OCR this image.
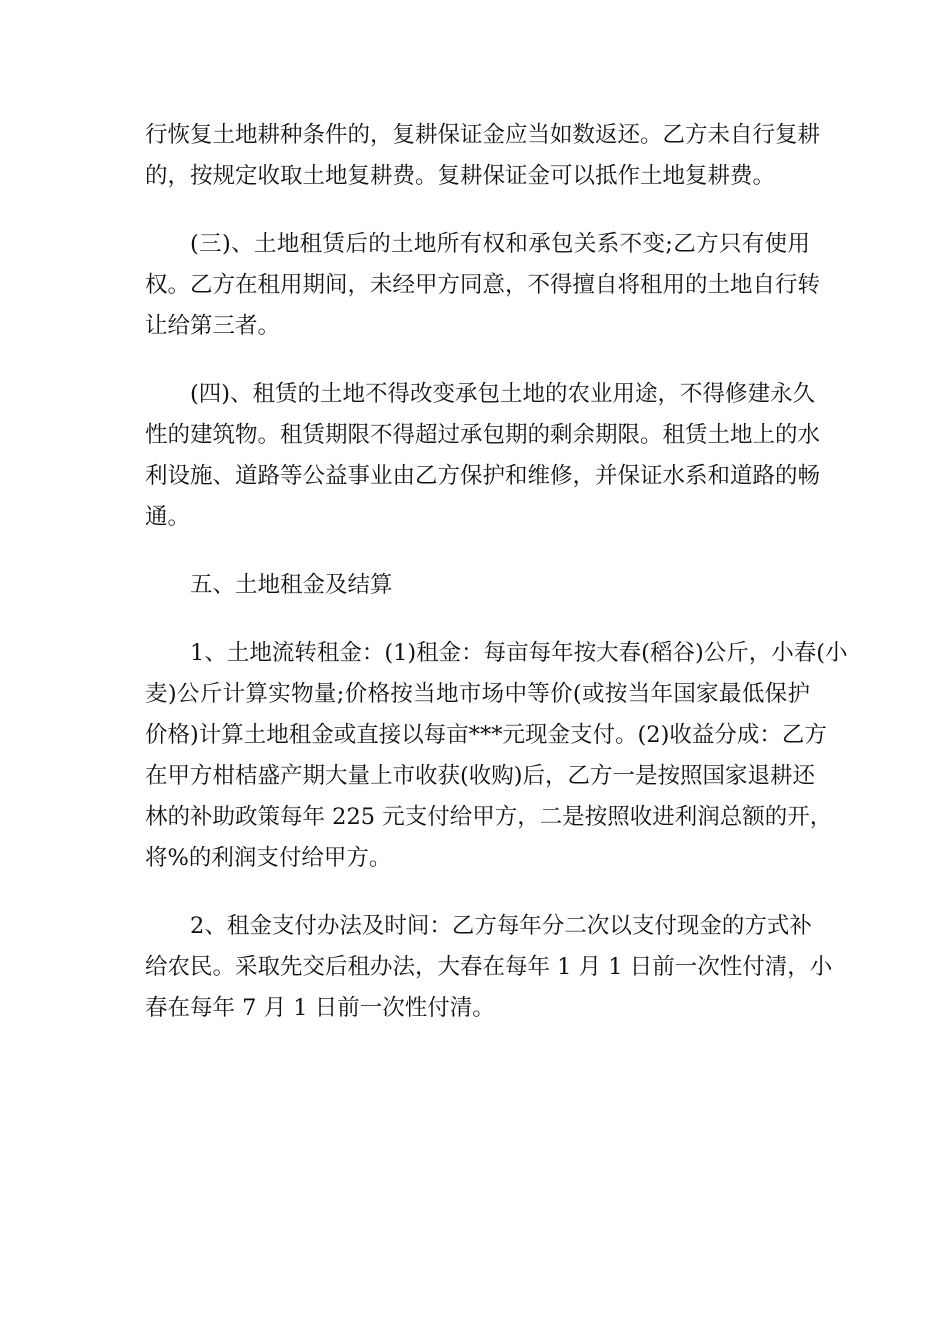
行恢复土地耕种条件的，复耕保证金应当如数返还。乙方未自行复耕
的，按规定收取土地复耕费。复耕保证金可以抵作土地复耕费。
(三)、土地租赁后的土地所有权和承包关系不变;乙方只有使用
权。乙方在租用期间，未经甲方同意，不得擅自将租用的土地自行转
让给第三者。
(四)、租赁的土地不得改变承包土地的农业用途，不得修建永久
性的建筑物。租赁期限不得超过承包期的剩余期限。租赁土地上的水
利设施、道路等公益事业由乙方保护和维修，并保证水系和道路的畅
通。
五、土地租金及结算
1、土地流转租金：(1)租金：每亩每年按大春(稻谷)公斤，小春(小
麦)公斤计算实物量;价格按当地市场中等价(或按当年国家最低保护
价格)计算土地租金或直接以每亩***元现金支付。(2)收益分成：乙方
在甲方柑桔盛产期大量上市收获(收购)后，乙方一是按照国家退耕还
林的补助政策每年 225 元支付给甲方，二是按照收进利润总额的开，
将%的利润支付给甲方。
2、租金支付办法及时间：乙方每年分二次以支付现金的方式补
给农民。采取先交后租办法，大春在每年 1 月 1 日前一次性付清，小
春在每年 7 月 1 日前一次性付清。
